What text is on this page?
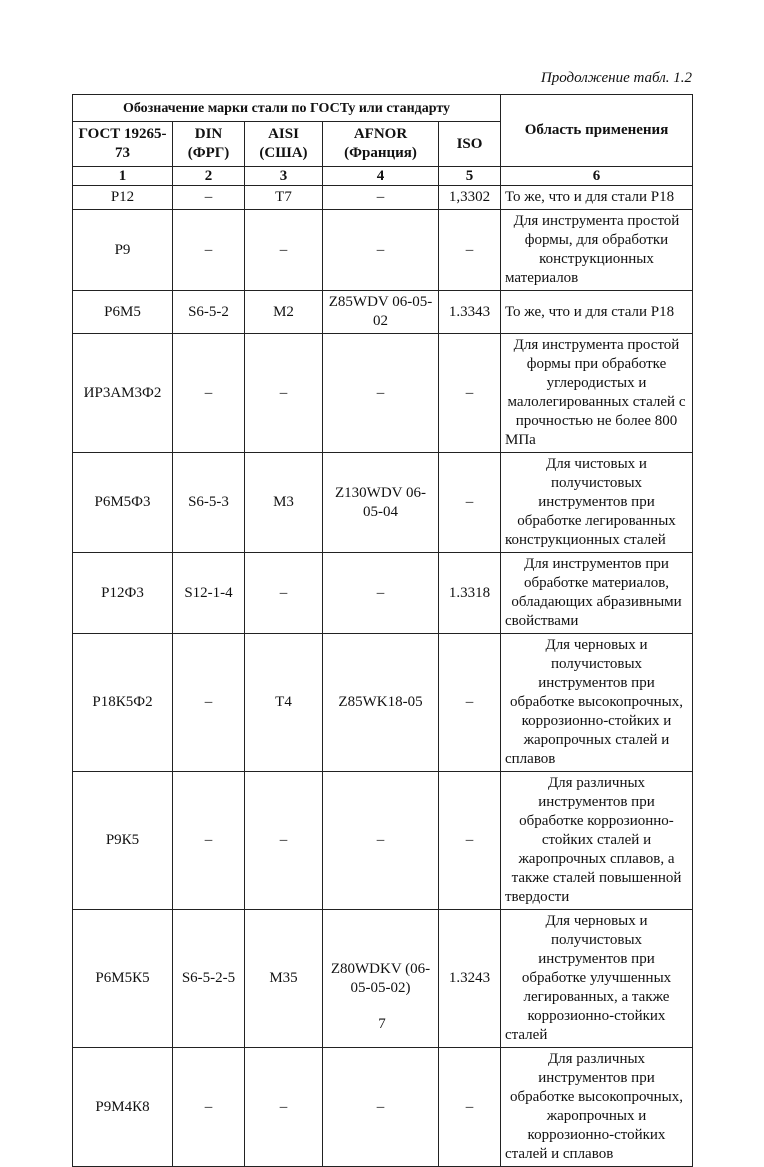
Продолжение табл. 1.2
Обозначение марки стали по ГОСТу или стандарту					Область применения
ГОСТ 19265-73	DIN (ФРГ)	AISI (США)	AFNOR (Франция)	ISO	
1	2	3	4	5	6
Р12	–	Т7	–	1,3302	То же, что и для стали Р18
Р9	–	–	–	–	Для инструмента простой формы, для обработки конструкционных материалов
Р6М5	S6-5-2	M2	Z85WDV 06-05-02	1.3343	То же, что и для стали Р18
ИР3АМ3Ф2	–	–	–	–	Для инструмента простой формы при обработке углеродистых и малолегированных сталей с прочностью не более 800 МПа
Р6М5Ф3	S6-5-3	M3	Z130WDV 06-05-04	–	Для чистовых и получистовых инструментов при обработке легированных конструкционных сталей
Р12Ф3	S12-1-4	–	–	1.3318	Для инструментов при обработке материалов, обладающих абразивными свойствами
Р18К5Ф2	–	Т4	Z85WK18-05	–	Для черновых и получистовых инструментов при обработке высокопрочных, коррозионно-стойких и жаропрочных сталей и сплавов
Р9К5	–	–	–	–	Для различных инструментов при обработке коррозионно-стойких сталей и жаропрочных сплавов, а также сталей повышенной твердости
Р6М5К5	S6-5-2-5	M35	Z80WDKV (06-05-05-02)	1.3243	Для черновых и получистовых инструментов при обработке улучшенных легированных, а также коррозионно-стойких сталей
Р9М4К8	–	–	–	–	Для различных инструментов при обработке высокопрочных, жаропрочных и коррозионно-стойких сталей и сплавов
7
